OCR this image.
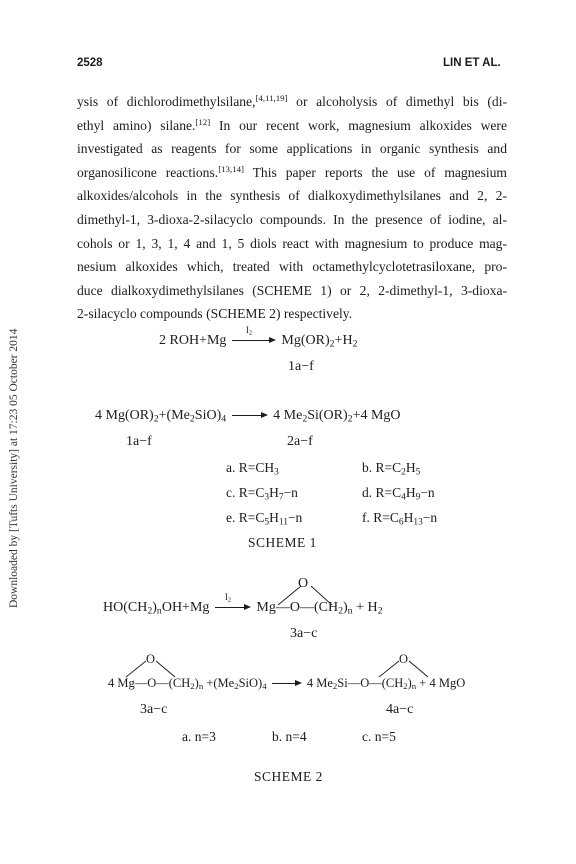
Downloaded by [Tufts University] at 17:23 05 October 2014
2528	LIN ET AL.
ysis of dichlorodimethylsilane,[4,11,19] or alcoholysis of dimethyl bis (di-
ethyl amino) silane.[12] In our recent work, magnesium alkoxides were
investigated as reagents for some applications in organic synthesis and
organosilicone reactions.[13,14] This paper reports the use of magnesium
alkoxides/alcohols in the synthesis of dialkoxydimethylsilanes and 2, 2-
dimethyl-1, 3-dioxa-2-silacyclo compounds. In the presence of iodine, al-
cohols or 1, 3, 1, 4 and 1, 5 diols react with magnesium to produce mag-
nesium alkoxides which, treated with octamethylcyclotetrasiloxane, pro-
duce dialkoxydimethylsilanes (SCHEME 1) or 2, 2-dimethyl-1, 3-dioxa-
2-silacyclo compounds (SCHEME 2) respectively.
2 ROH+Mg
$I_2$
$Mg(OR)_2+H_2$
1a−f
4 $Mg(OR)_2+(Me_2SiO)_4$	4 $Me_2Si(OR)_2+4$ MgO
1a−f	2a−f
a. $R=CH_3$	b. $R=C_2H_5$
c. $R=C_3H_7-n$	d. $R=C_4H_9-n$
e. $R=C_5H_{11}-n$	f. $R=C_6H_{13}-n$
SCHEME 1
O
$HO(CH_2)_nOH+Mg$
$I_2$
$Mg—O—(CH_2)_n + H_2$
3a−c
O	O
4 $Mg—O—(CH_2)_n +(Me_2SiO)_4$	4 $Me_2Si—O—(CH_2)_n + 4$ MgO
3a−c	4a−c
a. n=3	b. n=4	c. n=5
SCHEME 2
